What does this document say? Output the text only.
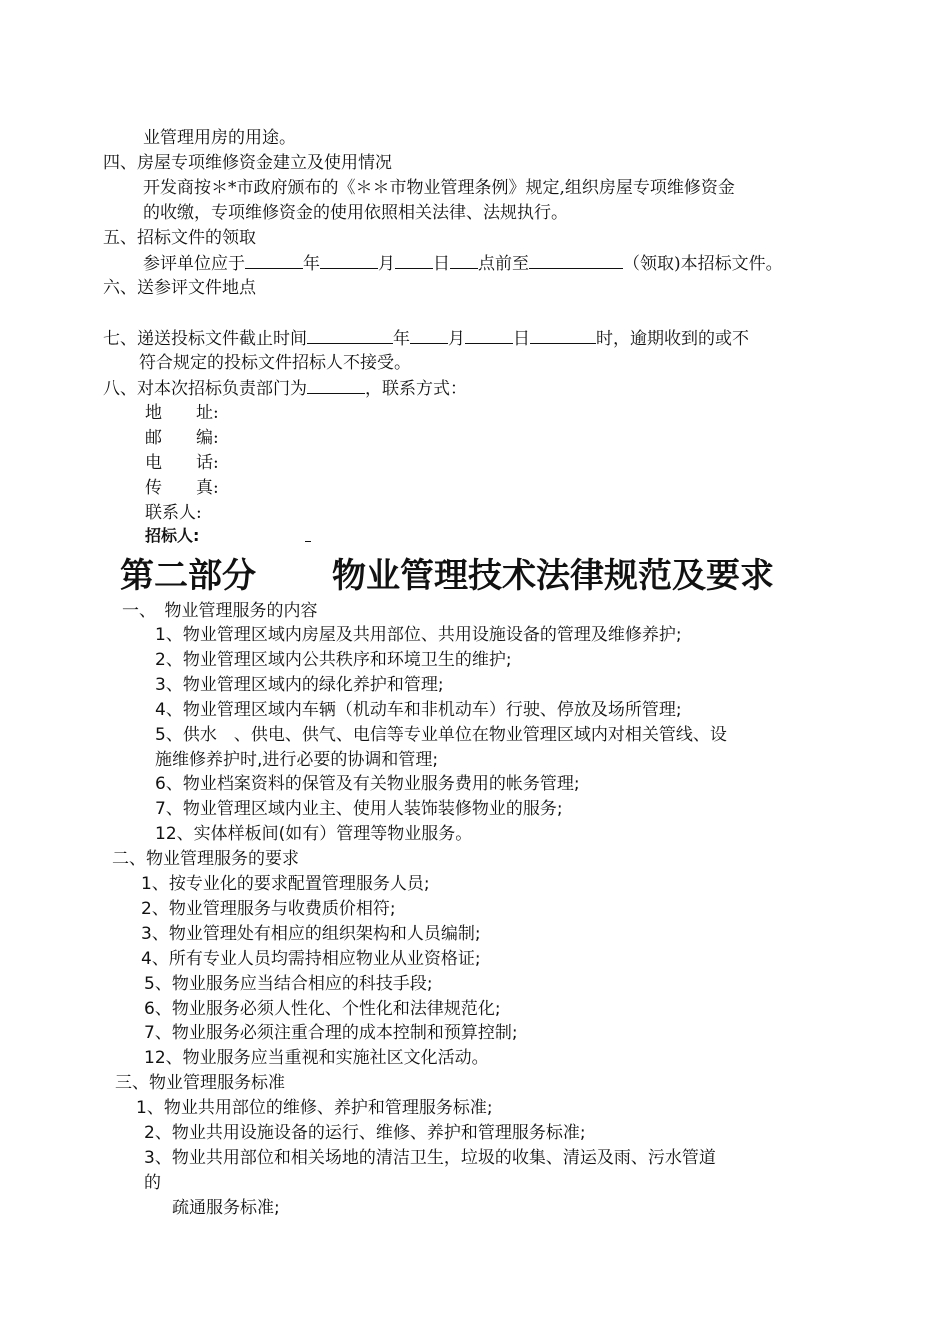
业管理用房的用途。
四、房屋专项维修资金建立及使用情况
开发商按＊*市政府颁布的《＊＊市物业管理条例》规定,组织房屋专项维修资金
的收缴，专项维修资金的使用依照相关法律、法规执行。
五、招标文件的领取
参评单位应于	年	月 日 点前至	（领取)本招标文件。
六、送参评文件地点
七、递送投标文件截止时间	年 月	日	时，逾期收到的或不
符合规定的投标文件招标人不接受。
八、对本次招标负责部门为	，联系方式：
地　　址:
邮　　编:
电　　话:
传　　真:
联系人:
招标人:
第二部分 物业管理技术法律规范及要求
一、　物业管理服务的内容
1、物业管理区域内房屋及共用部位、共用设施设备的管理及维修养护;
2、物业管理区域内公共秩序和环境卫生的维护;
3、物业管理区域内的绿化养护和管理;
4、物业管理区域内车辆（机动车和非机动车）行驶、停放及场所管理;
5、供水　、供电、供气、电信等专业单位在物业管理区域内对相关管线、设
施维修养护时,进行必要的协调和管理;
6、物业档案资料的保管及有关物业服务费用的帐务管理;
7、物业管理区域内业主、使用人装饰装修物业的服务;
12、实体样板间(如有）管理等物业服务。
二、物业管理服务的要求
1、按专业化的要求配置管理服务人员;
2、物业管理服务与收费质价相符;
3、物业管理处有相应的组织架构和人员编制;
4、所有专业人员均需持相应物业从业资格证;
5、物业服务应当结合相应的科技手段;
6、物业服务必须人性化、个性化和法律规范化;
7、物业服务必须注重合理的成本控制和预算控制;
12、物业服务应当重视和实施社区文化活动。
三、物业管理服务标准
1、物业共用部位的维修、养护和管理服务标准;
2、物业共用设施设备的运行、维修、养护和管理服务标准;
3、物业共用部位和相关场地的清洁卫生，垃圾的收集、清运及雨、污水管道
的
疏通服务标准;
